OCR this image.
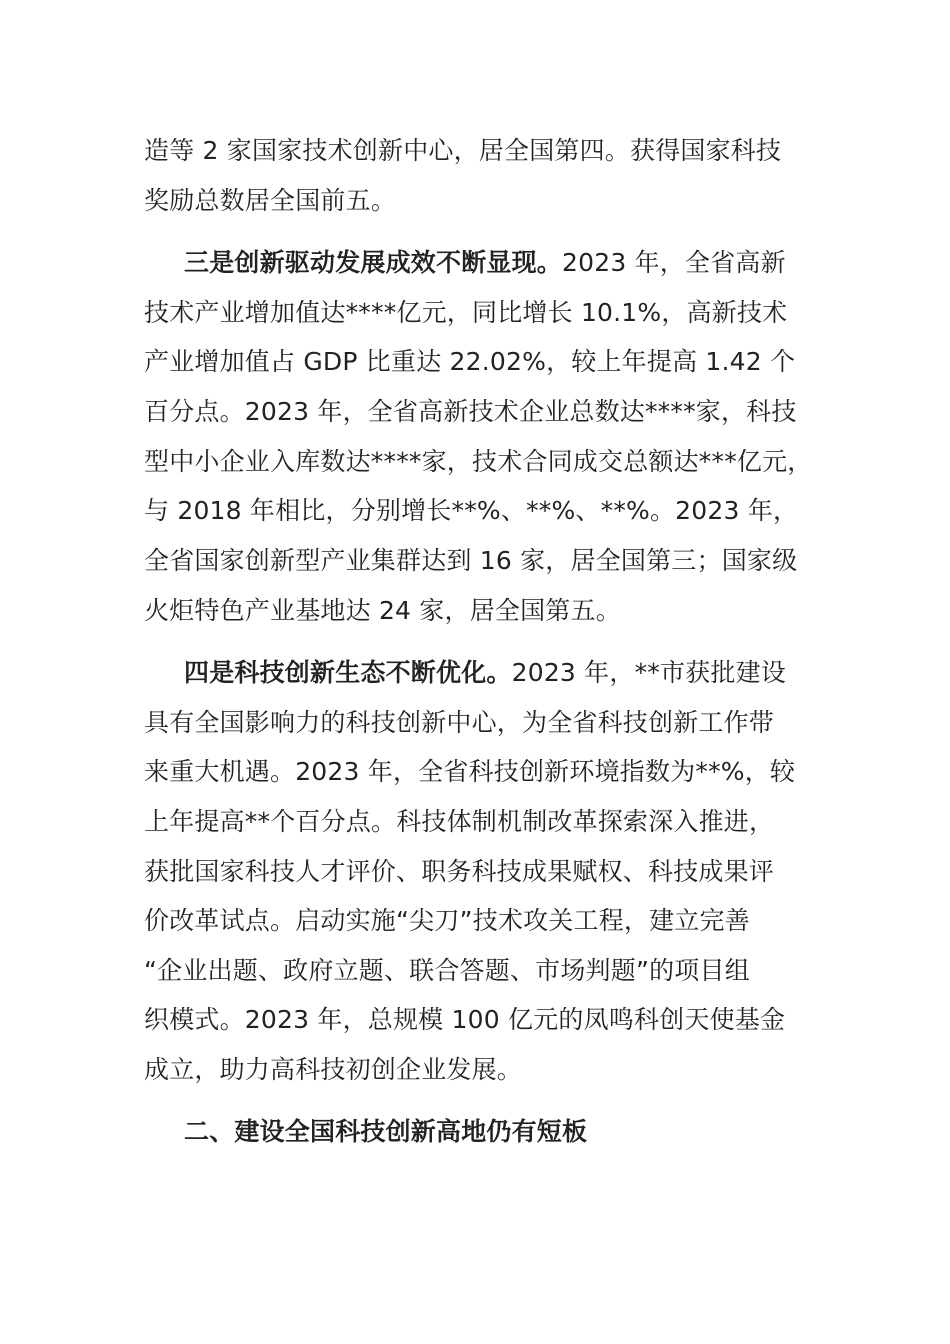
造等 2 家国家技术创新中心，居全国第四。获得国家科技
奖励总数居全国前五。
三是创新驱动发展成效不断显现。2023 年，全省高新
技术产业增加值达****亿元，同比增长 10.1%，高新技术
产业增加值占 GDP 比重达 22.02%，较上年提高 1.42 个
百分点。2023 年，全省高新技术企业总数达****家，科技
型中小企业入库数达****家，技术合同成交总额达***亿元，
与 2018 年相比，分别增长**%、**%、**%。2023 年，
全省国家创新型产业集群达到 16 家，居全国第三；国家级
火炬特色产业基地达 24 家，居全国第五。
四是科技创新生态不断优化。2023 年，**市获批建设
具有全国影响力的科技创新中心，为全省科技创新工作带
来重大机遇。2023 年，全省科技创新环境指数为**%，较
上年提高**个百分点。科技体制机制改革探索深入推进，
获批国家科技人才评价、职务科技成果赋权、科技成果评
价改革试点。启动实施“尖刀”技术攻关工程，建立完善
“企业出题、政府立题、联合答题、市场判题”的项目组
织模式。2023 年，总规模 100 亿元的凤鸣科创天使基金
成立，助力高科技初创企业发展。
二、建设全国科技创新高地仍有短板
